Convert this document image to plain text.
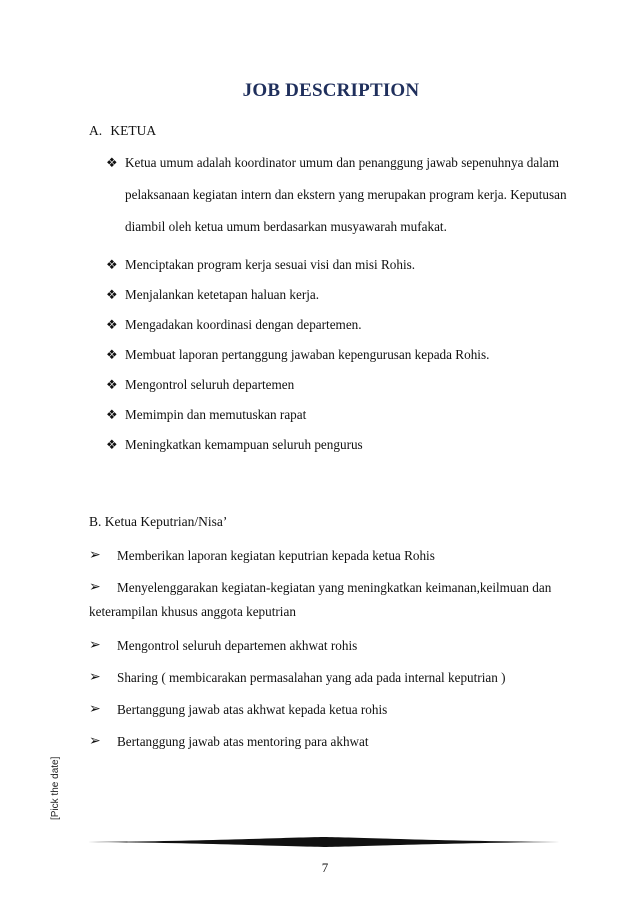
JOB DESCRIPTION
A. KETUA
❖ Ketua umum adalah koordinator umum dan penanggung jawab sepenuhnya dalam pelaksanaan kegiatan intern dan ekstern yang merupakan program kerja. Keputusan diambil oleh ketua umum berdasarkan musyawarah mufakat.
❖ Menciptakan program kerja sesuai visi dan misi Rohis.
❖ Menjalankan ketetapan haluan kerja.
❖ Mengadakan koordinasi dengan departemen.
❖ Membuat laporan pertanggung jawaban kepengurusan kepada Rohis.
❖ Mengontrol seluruh departemen
❖ Memimpin dan memutuskan rapat
❖ Meningkatkan kemampuan seluruh pengurus
B. Ketua Keputrian/Nisa’
➢	Memberikan laporan kegiatan keputrian kepada ketua Rohis
➢	Menyelenggarakan kegiatan-kegiatan yang meningkatkan keimanan,keilmuan dan
keterampilan khusus anggota keputrian
➢	Mengontrol seluruh departemen akhwat rohis
➢	Sharing ( membicarakan permasalahan yang ada pada internal keputrian )
➢	Bertanggung jawab atas akhwat kepada ketua rohis
➢	Bertanggung jawab atas mentoring para akhwat
[Pick the date]
7
